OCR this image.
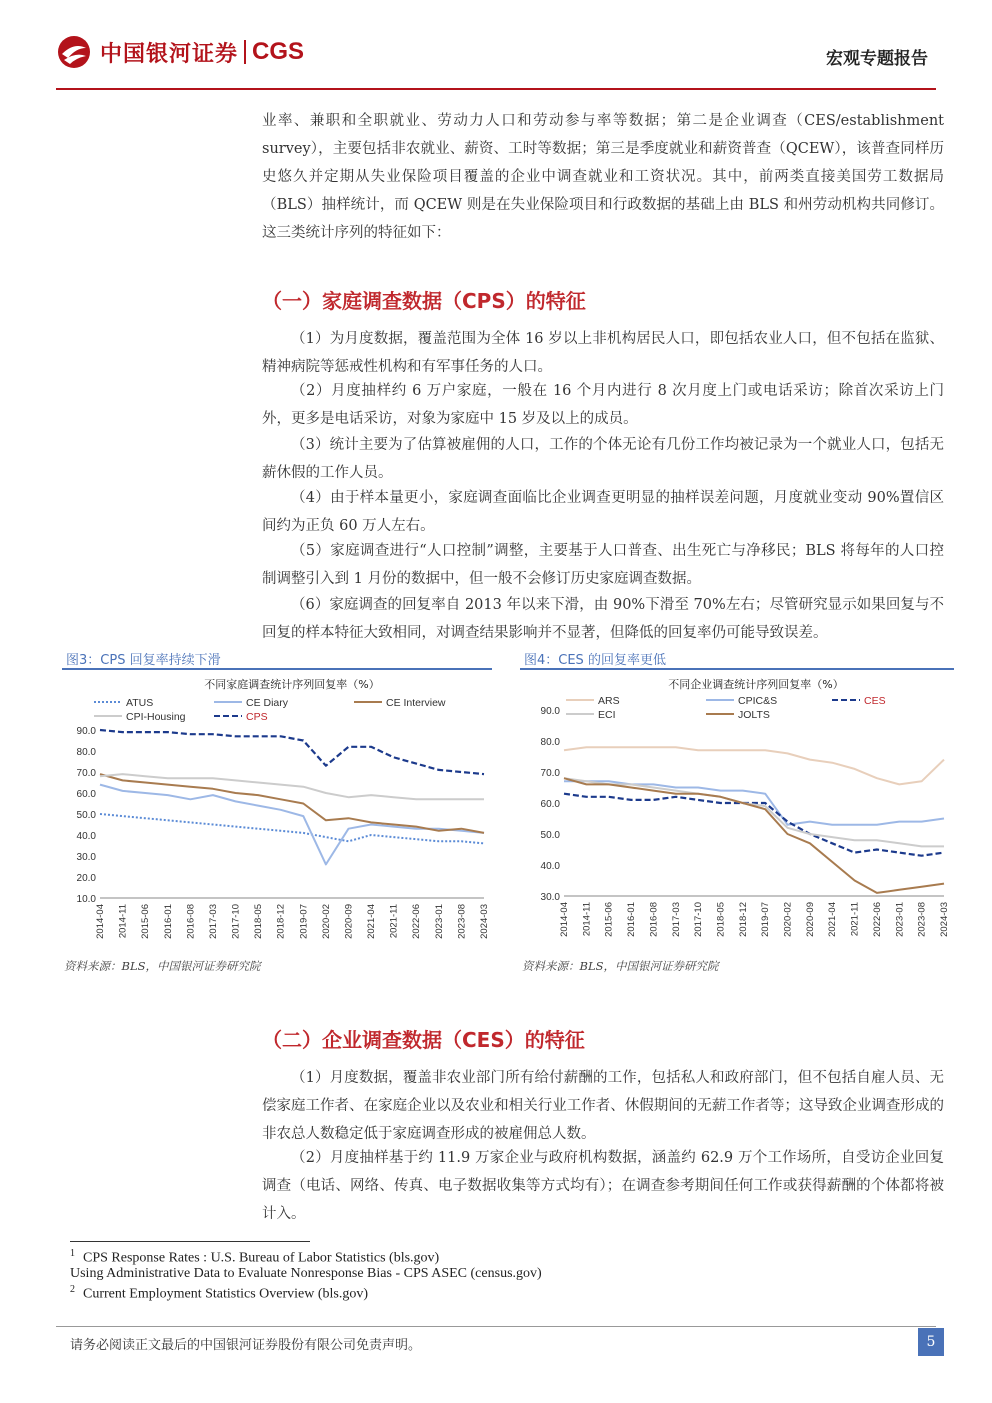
中国银河证券 CGS	宏观专题报告

业率、兼职和全职就业、劳动力人口和劳动参与率等数据；第二是企业调查（CES/establishment survey），主要包括非农就业、薪资、工时等数据；第三是季度就业和薪资普查（QCEW），该普查同样历史悠久并定期从失业保险项目覆盖的企业中调查就业和工资状况。其中，前两类直接美国劳工数据局（BLS）抽样统计，而 QCEW 则是在失业保险项目和行政数据的基础上由 BLS 和州劳动机构共同修订。这三类统计序列的特征如下：

（一）家庭调查数据（CPS）的特征

（1）为月度数据，覆盖范围为全体 16 岁以上非机构居民人口，即包括农业人口，但不包括在监狱、精神病院等惩戒性机构和有军事任务的人口。

（2）月度抽样约 6 万户家庭，一般在 16 个月内进行 8 次月度上门或电话采访；除首次采访上门外，更多是电话采访，对象为家庭中 15 岁及以上的成员。

（3）统计主要为了估算被雇佣的人口，工作的个体无论有几份工作均被记录为一个就业人口，包括无薪休假的工作人员。

（4）由于样本量更小，家庭调查面临比企业调查更明显的抽样误差问题，月度就业变动 90%置信区间约为正负 60 万人左右。

（5）家庭调查进行“人口控制”调整，主要基于人口普查、出生死亡与净移民；BLS 将每年的人口控制调整引入到 1 月份的数据中，但一般不会修订历史家庭调查数据。

（6）家庭调查的回复率自 2013 年以来下滑，由 90%下滑至 70%左右；尽管研究显示如果回复与不回复的样本特征大致相同，对调查结果影响并不显著，但降低的回复率仍可能导致误差。

图3：CPS 回复率持续下滑
不同家庭调查统计序列回复率（%）
10.0
20.0
30.0
40.0
50.0
60.0
70.0
80.0
90.0
2014-04 2014-11 2015-06 2016-01 2016-08 2017-03 2017-10 2018-05 2018-12 2019-07 2020-02 2020-09 2021-04 2021-11 2022-06 2023-01 2023-08 2024-03
ATUS	CE Diary	CE Interview
CPI-Housing	CPS
资料来源：BLS，中国银河证券研究院
图4：CES 的回复率更低
不同企业调查统计序列回复率（%）
30.0
40.0
50.0
60.0
70.0
80.0
90.0
2014-04 2014-11 2015-06 2016-01 2016-08 2017-03 2017-10 2018-05 2018-12 2019-07 2020-02 2020-09 2021-04 2021-11 2022-06 2023-01 2023-08 2024-03
ARS	CPIC&S	CES
ECI	JOLTS
资料来源：BLS，中国银河证券研究院
（二）企业调查数据（CES）的特征

（1）月度数据，覆盖非农业部门所有给付薪酬的工作，包括私人和政府部门，但不包括自雇人员、无偿家庭工作者、在家庭企业以及农业和相关行业工作者、休假期间的无薪工作者等；这导致企业调查形成的非农总人数稳定低于家庭调查形成的被雇佣总人数。

（2）月度抽样基于约 11.9 万家企业与政府机构数据，涵盖约 62.9 万个工作场所，自受访企业回复调查（电话、网络、传真、电子数据收集等方式均有）；在调查参考期间任何工作或获得薪酬的个体都将被计入。

$^1$ CPS Response Rates : U.S. Bureau of Labor Statistics (bls.gov)

Using Administrative Data to Evaluate Nonresponse Bias - CPS ASEC (census.gov)

$^2$ Current Employment Statistics Overview (bls.gov)

请务必阅读正文最后的中国银河证券股份有限公司免责声明。	5
